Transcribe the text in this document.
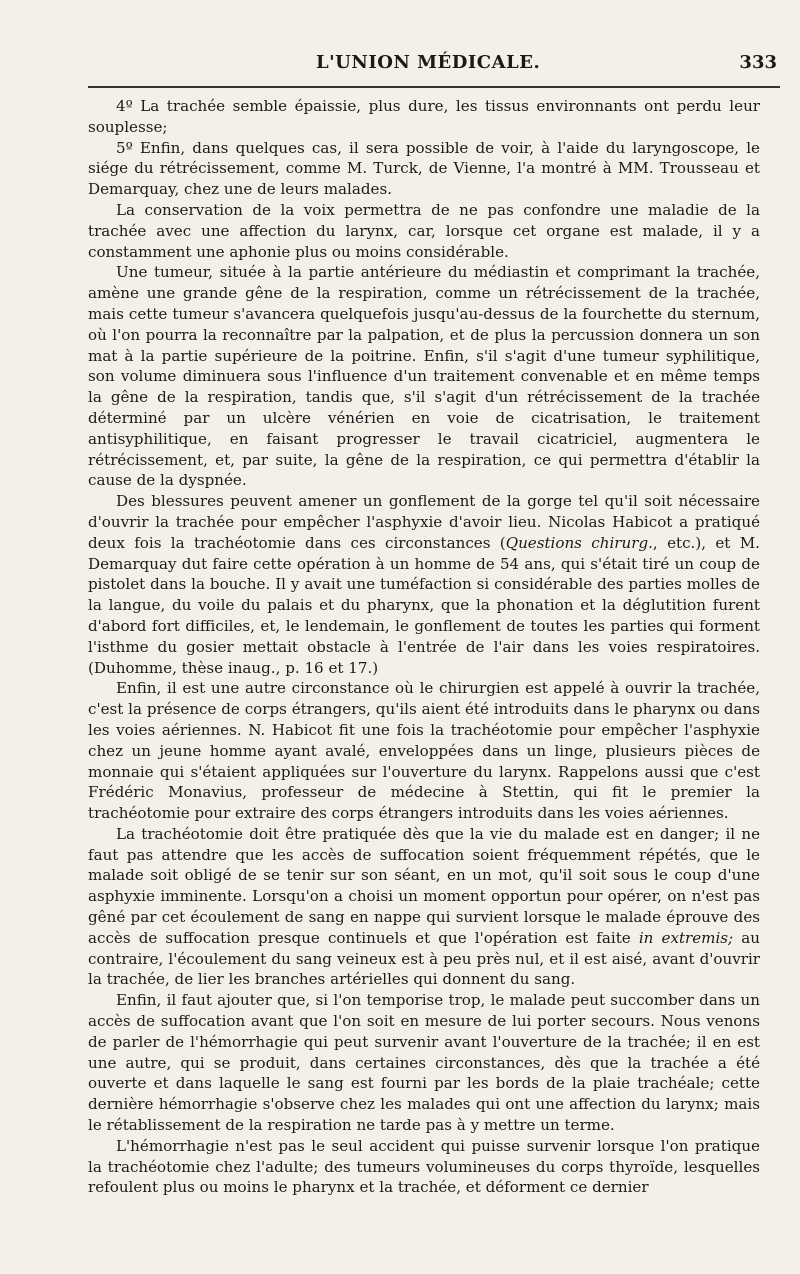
L'UNION MÉDICALE.	333

4º La trachée semble épaissie, plus dure, les tissus environnants ont perdu leur souplesse;

5º Enfin, dans quelques cas, il sera possible de voir, à l'aide du laryngoscope, le siége du rétrécissement, comme M. Turck, de Vienne, l'a montré à MM. Trousseau et Demarquay, chez une de leurs malades.

La conservation de la voix permettra de ne pas confondre une maladie de la trachée avec une affection du larynx, car, lorsque cet organe est malade, il y a constamment une aphonie plus ou moins considérable.

Une tumeur, située à la partie antérieure du médiastin et comprimant la trachée, amène une grande gêne de la respiration, comme un rétrécissement de la trachée, mais cette tumeur s'avancera quelquefois jusqu'au-dessus de la fourchette du sternum, où l'on pourra la reconnaître par la palpation, et de plus la percussion donnera un son mat à la partie supérieure de la poitrine. Enfin, s'il s'agit d'une tumeur syphilitique, son volume diminuera sous l'influence d'un traitement convenable et en même temps la gêne de la respiration, tandis que, s'il s'agit d'un rétrécissement de la trachée déterminé par un ulcère vénérien en voie de cicatrisation, le traitement antisyphilitique, en faisant progresser le travail cicatriciel, augmentera le rétrécissement, et, par suite, la gêne de la respiration, ce qui permettra d'établir la cause de la dyspnée.

Des blessures peuvent amener un gonflement de la gorge tel qu'il soit nécessaire d'ouvrir la trachée pour empêcher l'asphyxie d'avoir lieu. Nicolas Habicot a pratiqué deux fois la trachéotomie dans ces circonstances (Questions chirurg., etc.), et M. Demarquay dut faire cette opération à un homme de 54 ans, qui s'était tiré un coup de pistolet dans la bouche. Il y avait une tuméfaction si considérable des parties molles de la langue, du voile du palais et du pharynx, que la phonation et la déglutition furent d'abord fort difficiles, et, le lendemain, le gonflement de toutes les parties qui forment l'isthme du gosier mettait obstacle à l'entrée de l'air dans les voies respiratoires. (Duhomme, thèse inaug., p. 16 et 17.)

Enfin, il est une autre circonstance où le chirurgien est appelé à ouvrir la trachée, c'est la présence de corps étrangers, qu'ils aient été introduits dans le pharynx ou dans les voies aériennes. N. Habicot fit une fois la trachéotomie pour empêcher l'asphyxie chez un jeune homme ayant avalé, enveloppées dans un linge, plusieurs pièces de monnaie qui s'étaient appliquées sur l'ouverture du larynx. Rappelons aussi que c'est Frédéric Monavius, professeur de médecine à Stettin, qui fit le premier la trachéotomie pour extraire des corps étrangers introduits dans les voies aériennes.

La trachéotomie doit être pratiquée dès que la vie du malade est en danger; il ne faut pas attendre que les accès de suffocation soient fréquemment répétés, que le malade soit obligé de se tenir sur son séant, en un mot, qu'il soit sous le coup d'une asphyxie imminente. Lorsqu'on a choisi un moment opportun pour opérer, on n'est pas gêné par cet écoulement de sang en nappe qui survient lorsque le malade éprouve des accès de suffocation presque continuels et que l'opération est faite in extremis; au contraire, l'écoulement du sang veineux est à peu près nul, et il est aisé, avant d'ouvrir la trachée, de lier les branches artérielles qui donnent du sang.

Enfin, il faut ajouter que, si l'on temporise trop, le malade peut succomber dans un accès de suffocation avant que l'on soit en mesure de lui porter secours. Nous venons de parler de l'hémorrhagie qui peut survenir avant l'ouverture de la trachée; il en est une autre, qui se produit, dans certaines circonstances, dès que la trachée a été ouverte et dans laquelle le sang est fourni par les bords de la plaie trachéale; cette dernière hémorrhagie s'observe chez les malades qui ont une affection du larynx; mais le rétablissement de la respiration ne tarde pas à y mettre un terme.

L'hémorrhagie n'est pas le seul accident qui puisse survenir lorsque l'on pratique la trachéotomie chez l'adulte; des tumeurs volumineuses du corps thyroïde, lesquelles refoulent plus ou moins le pharynx et la trachée, et déforment ce dernier
